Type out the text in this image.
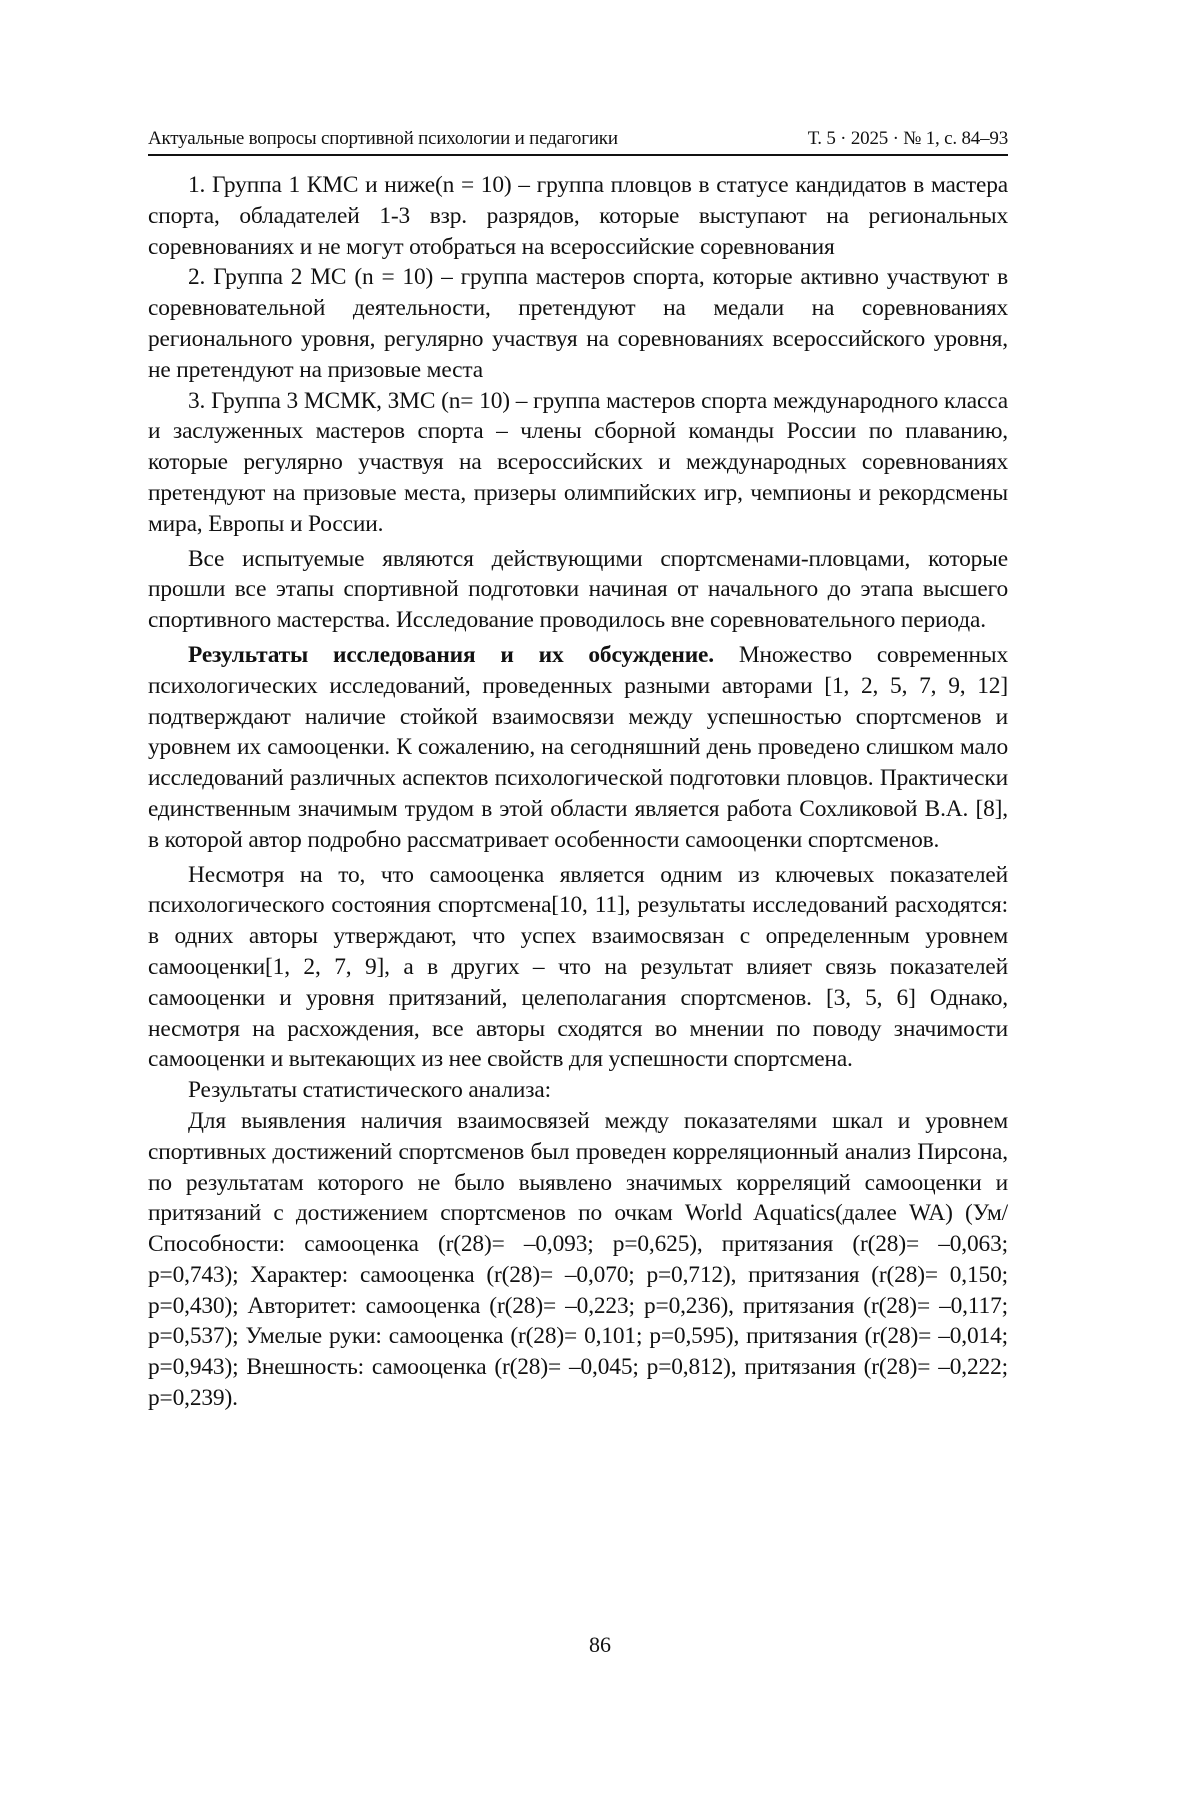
Актуальные вопросы спортивной психологии и педагогики	Т. 5 · 2025 · № 1, с. 84–93

1. Группа 1 КМС и ниже(n = 10) – группа пловцов в статусе кандидатов в мастера спорта, обладателей 1-3 взр. разрядов, которые выступают на региональных соревнованиях и не могут отобраться на всероссийские соревнования

2. Группа 2 МС (n = 10) – группа мастеров спорта, которые активно участвуют в соревновательной деятельности, претендуют на медали на соревнованиях регионального уровня, регулярно участвуя на соревнованиях всероссийского уровня, не претендуют на призовые места

3. Группа 3 МСМК, ЗМС (n= 10) – группа мастеров спорта международного класса и заслуженных мастеров спорта – члены сборной команды России по плаванию, которые регулярно участвуя на всероссийских и международных соревнованиях претендуют на призовые места, призеры олимпийских игр, чемпионы и рекордсмены мира, Европы и России.

Все испытуемые являются действующими спортсменами-пловцами, которые прошли все этапы спортивной подготовки начиная от начального до этапа высшего спортивного мастерства. Исследование проводилось вне соревновательного периода.

Результаты исследования и их обсуждение. Множество современных психологических исследований, проведенных разными авторами [1, 2, 5, 7, 9, 12] подтверждают наличие стойкой взаимосвязи между успешностью спортсменов и уровнем их самооценки. К сожалению, на сегодняшний день проведено слишком мало исследований различных аспектов психологической подготовки пловцов. Практически единственным значимым трудом в этой области является работа Сохликовой В.А. [8], в которой автор подробно рассматривает особенности самооценки спортсменов.

Несмотря на то, что самооценка является одним из ключевых показателей психологического состояния спортсмена[10, 11], результаты исследований расходятся: в одних авторы утверждают, что успех взаимосвязан с определенным уровнем самооценки[1, 2, 7, 9], а в других – что на результат влияет связь показателей самооценки и уровня притязаний, целеполагания спортсменов. [3, 5, 6] Однако, несмотря на расхождения, все авторы сходятся во мнении по поводу значимости самооценки и вытекающих из нее свойств для успешности спортсмена.

Результаты статистического анализа:

Для выявления наличия взаимосвязей между показателями шкал и уровнем спортивных достижений спортсменов был проведен корреляционный анализ Пирсона, по результатам которого не было выявлено значимых корреляций самооценки и притязаний с достижением спортсменов по очкам World Aquatics(далее WA) (Ум/Способности: самооценка (r(28)= –0,093; p=0,625), притязания (r(28)= –0,063; p=0,743); Характер: самооценка (r(28)= –0,070; p=0,712), притязания (r(28)= 0,150; p=0,430); Авторитет: самооценка (r(28)= –0,223; p=0,236), притязания (r(28)= –0,117; p=0,537); Умелые руки: самооценка (r(28)= 0,101; p=0,595), притязания (r(28)= –0,014; p=0,943); Внешность: самооценка (r(28)= –0,045; p=0,812), притязания (r(28)= –0,222; p=0,239).

86
